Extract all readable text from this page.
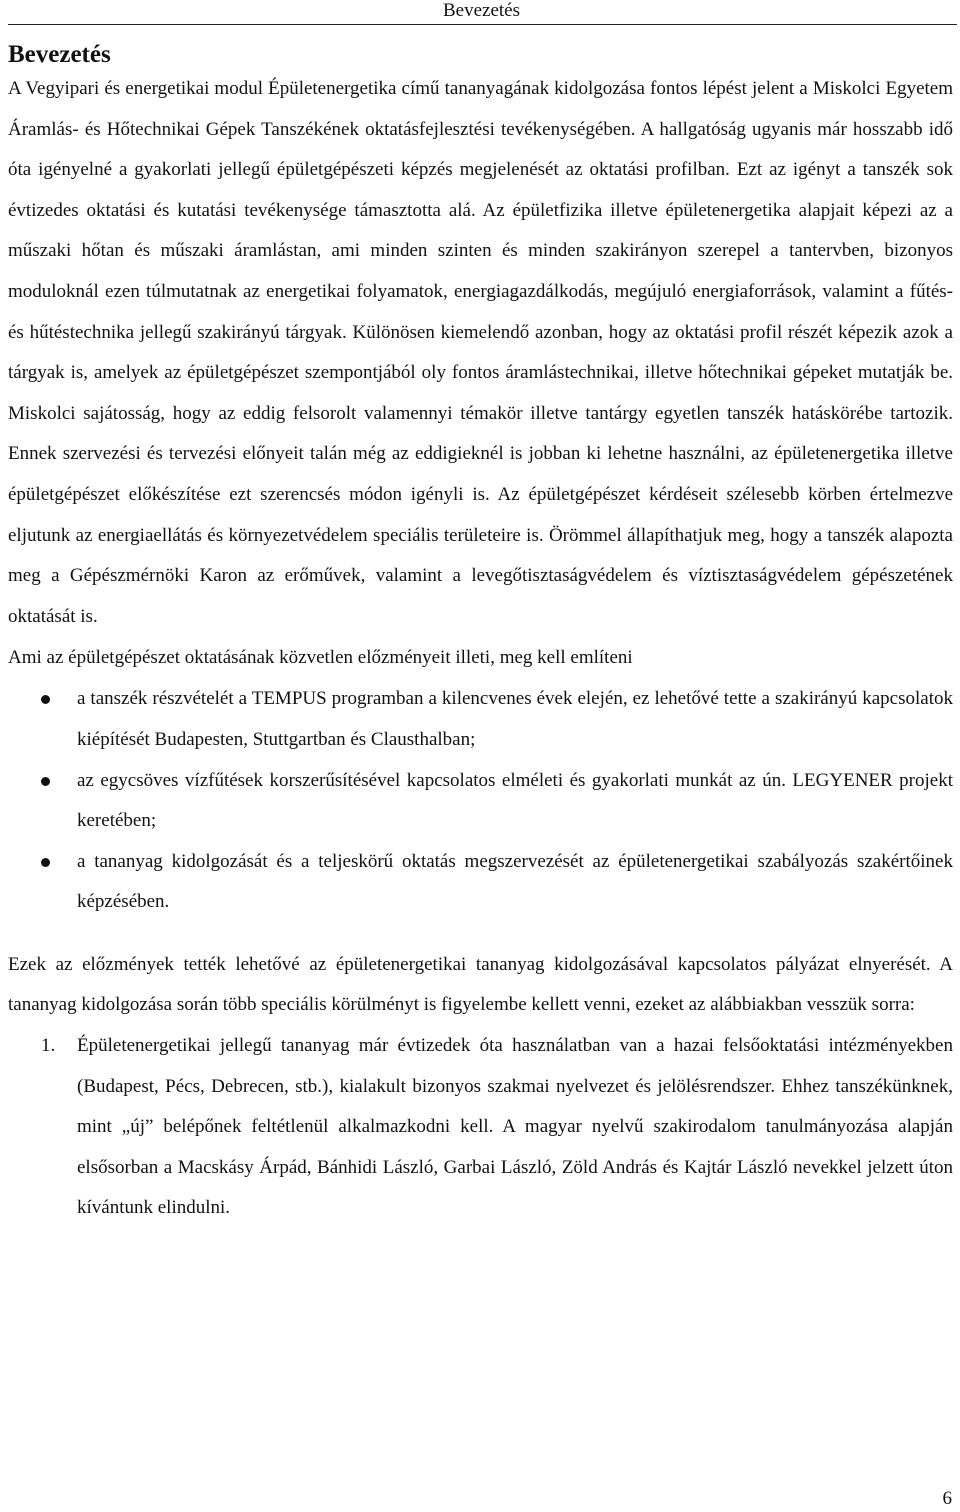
Bevezetés
Bevezetés

A Vegyipari és energetikai modul Épületenergetika című tananyagának kidolgozása fontos lépést jelent a Miskolci Egyetem Áramlás- és Hőtechnikai Gépek Tanszékének oktatásfejlesztési tevékenységében. A hallgatóság ugyanis már hosszabb idő óta igényelné a gyakorlati jellegű épületgépészeti képzés megjelenését az oktatási profilban. Ezt az igényt a tanszék sok évtizedes oktatási és kutatási tevékenysége támasztotta alá. Az épületfizika illetve épületenergetika alapjait képezi az a műszaki hőtan és műszaki áramlástan, ami minden szinten és minden szakirányon szerepel a tantervben, bizonyos moduloknál ezen túlmutatnak az energetikai folyamatok, energiagazdálkodás, megújuló energiaforrások, valamint a fűtés- és hűtéstechnika jellegű szakirányú tárgyak. Különösen kiemelendő azonban, hogy az oktatási profil részét képezik azok a tárgyak is, amelyek az épületgépészet szempontjából oly fontos áramlástechnikai, illetve hőtechnikai gépeket mutatják be. Miskolci sajátosság, hogy az eddig felsorolt valamennyi témakör illetve tantárgy egyetlen tanszék hatáskörébe tartozik. Ennek szervezési és tervezési előnyeit talán még az eddigieknél is jobban ki lehetne használni, az épületenergetika illetve épületgépészet előkészítése ezt szerencsés módon igényli is. Az épületgépészet kérdéseit szélesebb körben értelmezve eljutunk az energiaellátás és környezetvédelem speciális területeire is. Örömmel állapíthatjuk meg, hogy a tanszék alapozta meg a Gépészmérnöki Karon az erőművek, valamint a levegőtisztaságvédelem és víztisztaságvédelem gépészetének oktatását is.

Ami az épületgépészet oktatásának közvetlen előzményeit illeti, meg kell említeni

a tanszék részvételét a TEMPUS programban a kilencvenes évek elején, ez lehetővé tette a szakirányú kapcsolatok kiépítését Budapesten, Stuttgartban és Clausthalban;
az egycsöves vízfűtések korszerűsítésével kapcsolatos elméleti és gyakorlati munkát az ún. LEGYENER projekt keretében;
a tananyag kidolgozását és a teljeskörű oktatás megszervezését az épületenergetikai szabályozás szakértőinek képzésében.

Ezek az előzmények tették lehetővé az épületenergetikai tananyag kidolgozásával kapcsolatos pályázat elnyerését. A tananyag kidolgozása során több speciális körülményt is figyelembe kellett venni, ezeket az alábbiakban vesszük sorra:

1. Épületenergetikai jellegű tananyag már évtizedek óta használatban van a hazai felsőoktatási intézményekben (Budapest, Pécs, Debrecen, stb.), kialakult bizonyos szakmai nyelvezet és jelölésrendszer. Ehhez tanszékünknek, mint „új” belépőnek feltétlenül alkalmazkodni kell. A magyar nyelvű szakirodalom tanulmányozása alapján elsősorban a Macskásy Árpád, Bánhidi László, Garbai László, Zöld András és Kajtár László nevekkel jelzett úton kívántunk elindulni.
6
